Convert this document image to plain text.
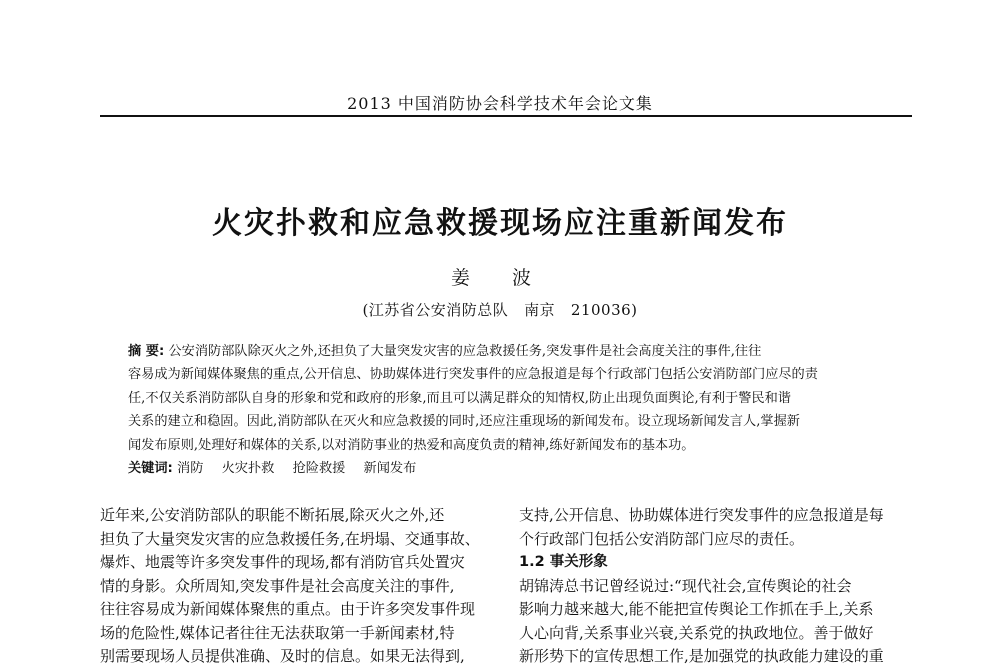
2013 中国消防协会科学技术年会论文集
火灾扑救和应急救援现场应注重新闻发布
姜 波
(江苏省公安消防总队   南京   210036)
摘 要: 公安消防部队除灭火之外,还担负了大量突发灾害的应急救援任务,突发事件是社会高度关注的事件,往往
容易成为新闻媒体聚焦的重点,公开信息、协助媒体进行突发事件的应急报道是每个行政部门包括公安消防部门应尽的责
任,不仅关系消防部队自身的形象和党和政府的形象,而且可以满足群众的知情权,防止出现负面舆论,有利于警民和谐
关系的建立和稳固。因此,消防部队在灭火和应急救援的同时,还应注重现场的新闻发布。设立现场新闻发言人,掌握新
闻发布原则,处理好和媒体的关系,以对消防事业的热爱和高度负责的精神,练好新闻发布的基本功。
关键词: 消防 火灾扑救 抢险救援 新闻发布
近年来,公安消防部队的职能不断拓展,除灭火之外,还
担负了大量突发灾害的应急救援任务,在坍塌、交通事故、
爆炸、地震等许多突发事件的现场,都有消防官兵处置灾
情的身影。众所周知,突发事件是社会高度关注的事件,
往往容易成为新闻媒体聚焦的重点。由于许多突发事件现
场的危险性,媒体记者往往无法获取第一手新闻素材,特
别需要现场人员提供准确、及时的信息。如果无法得到,
支持,公开信息、协助媒体进行突发事件的应急报道是每
个行政部门包括公安消防部门应尽的责任。
1.2 事关形象
胡锦涛总书记曾经说过:“现代社会,宣传舆论的社会
影响力越来越大,能不能把宣传舆论工作抓在手上,关系
人心向背,关系事业兴衰,关系党的执政地位。善于做好
新形势下的宣传思想工作,是加强党的执政能力建设的重
